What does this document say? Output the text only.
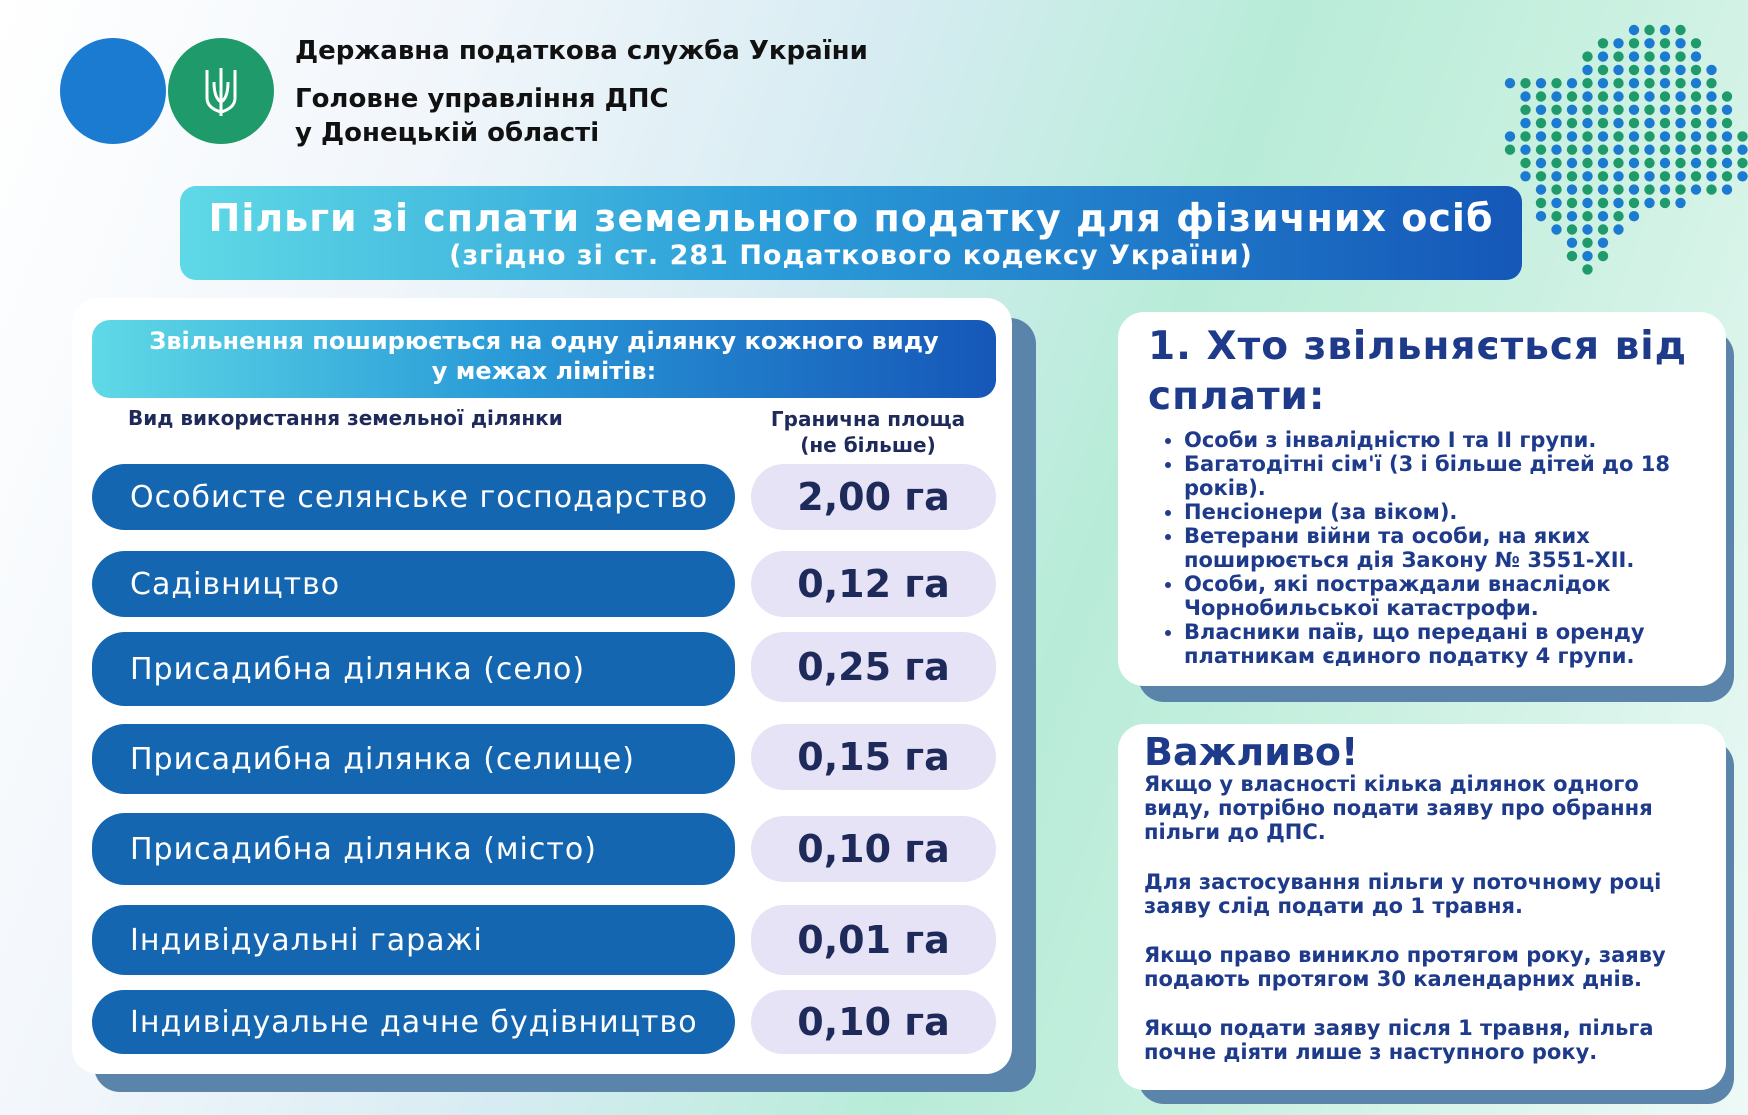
Державна податкова служба України
Головне управління ДПС
у Донецькій області
Пільги зі сплати земельного податку для фізичних осіб
(згідно зі ст. 281 Податкового кодексу України)
Звільнення поширюється на одну ділянку кожного виду
у межах лімітів:
Вид використання земельної ділянки	Гранична площа
(не більше)
Особисте селянське господарство	2,00 га
Садівництво	0,12 га
Присадибна ділянка (село)	0,25 га
Присадибна ділянка (селище)	0,15 га
Присадибна ділянка (місто)	0,10 га
Індивідуальні гаражі	0,01 га
Індивідуальне дачне будівництво	0,10 га
1. Хто звільняється від сплати:
• Особи з інвалідністю I та II групи.
• Багатодітні сім'ї (3 і більше дітей до 18 років).
• Пенсіонери (за віком).
• Ветерани війни та особи, на яких поширюється дія Закону № 3551-XII.
• Особи, які постраждали внаслідок Чорнобильської катастрофи.
• Власники паїв, що передані в оренду платникам єдиного податку 4 групи.
Важливо!
Якщо у власності кілька ділянок одного виду, потрібно подати заяву про обрання пільги до ДПС.
Для застосування пільги у поточному році заяву слід подати до 1 травня.
Якщо право виникло протягом року, заяву подають протягом 30 календарних днів.
Якщо подати заяву після 1 травня, пільга почне діяти лише з наступного року.
